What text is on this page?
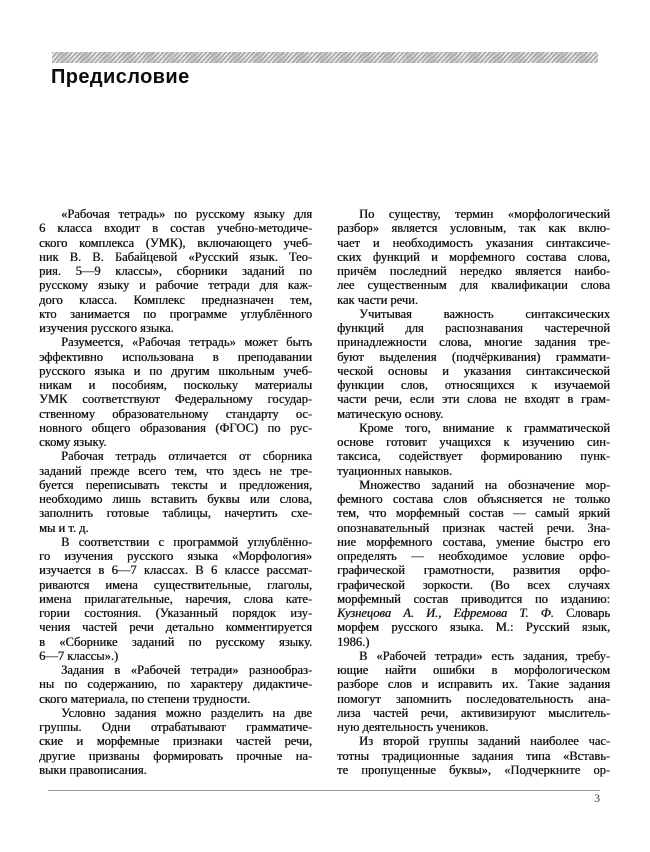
Предисловие
«Рабочая тетрадь» по русскому языку для
6 класса входит в состав учебно-методиче-
ского комплекса (УМК), включающего учеб-
ник В. В. Бабайцевой «Русский язык. Тео-
рия. 5—9 классы», сборники заданий по
русскому языку и рабочие тетради для каж-
дого класса. Комплекс предназначен тем,
кто занимается по программе углублённого
изучения русского языка.
Разумеется, «Рабочая тетрадь» может быть
эффективно использована в преподавании
русского языка и по другим школьным учеб-
никам и пособиям, поскольку материалы
УМК соответствуют Федеральному государ-
ственному образовательному стандарту ос-
новного общего образования (ФГОС) по рус-
скому языку.
Рабочая тетрадь отличается от сборника
заданий прежде всего тем, что здесь не тре-
буется переписывать тексты и предложения,
необходимо лишь вставить буквы или слова,
заполнить готовые таблицы, начертить схе-
мы и т. д.
В соответствии с программой углублённо-
го изучения русского языка «Морфология»
изучается в 6—7 классах. В 6 классе рассмат-
риваются имена существительные, глаголы,
имена прилагательные, наречия, слова кате-
гории состояния. (Указанный порядок изу-
чения частей речи детально комментируется
в «Сборнике заданий по русскому языку.
6—7 классы».)
Задания в «Рабочей тетради» разнообраз-
ны по содержанию, по характеру дидактиче-
ского материала, по степени трудности.
Условно задания можно разделить на две
группы. Одни отрабатывают грамматиче-
ские и морфемные признаки частей речи,
другие призваны формировать прочные на-
выки правописания.
По существу, термин «морфологический
разбор» является условным, так как вклю-
чает и необходимость указания синтаксиче-
ских функций и морфемного состава слова,
причём последний нередко является наибо-
лее существенным для квалификации слова
как части речи.
Учитывая важность синтаксических
функций для распознавания частеречной
принадлежности слова, многие задания тре-
буют выделения (подчёркивания) граммати-
ческой основы и указания синтаксической
функции слов, относящихся к изучаемой
части речи, если эти слова не входят в грам-
матическую основу.
Кроме того, внимание к грамматической
основе готовит учащихся к изучению син-
таксиса, содействует формированию пунк-
туационных навыков.
Множество заданий на обозначение мор-
фемного состава слов объясняется не только
тем, что морфемный состав — самый яркий
опознавательный признак частей речи. Зна-
ние морфемного состава, умение быстро его
определять — необходимое условие орфо-
графической грамотности, развития орфо-
графической зоркости. (Во всех случаях
морфемный состав приводится по изданию:
Кузнецова А. И., Ефремова Т. Ф. Словарь
морфем русского языка. М.: Русский язык,
1986.)
В «Рабочей тетради» есть задания, требу-
ющие найти ошибки в морфологическом
разборе слов и исправить их. Такие задания
помогут запомнить последовательность ана-
лиза частей речи, активизируют мыслитель-
ную деятельность учеников.
Из второй группы заданий наиболее час-
тотны традиционные задания типа «Вставь-
те пропущенные буквы», «Подчеркните ор-
3
